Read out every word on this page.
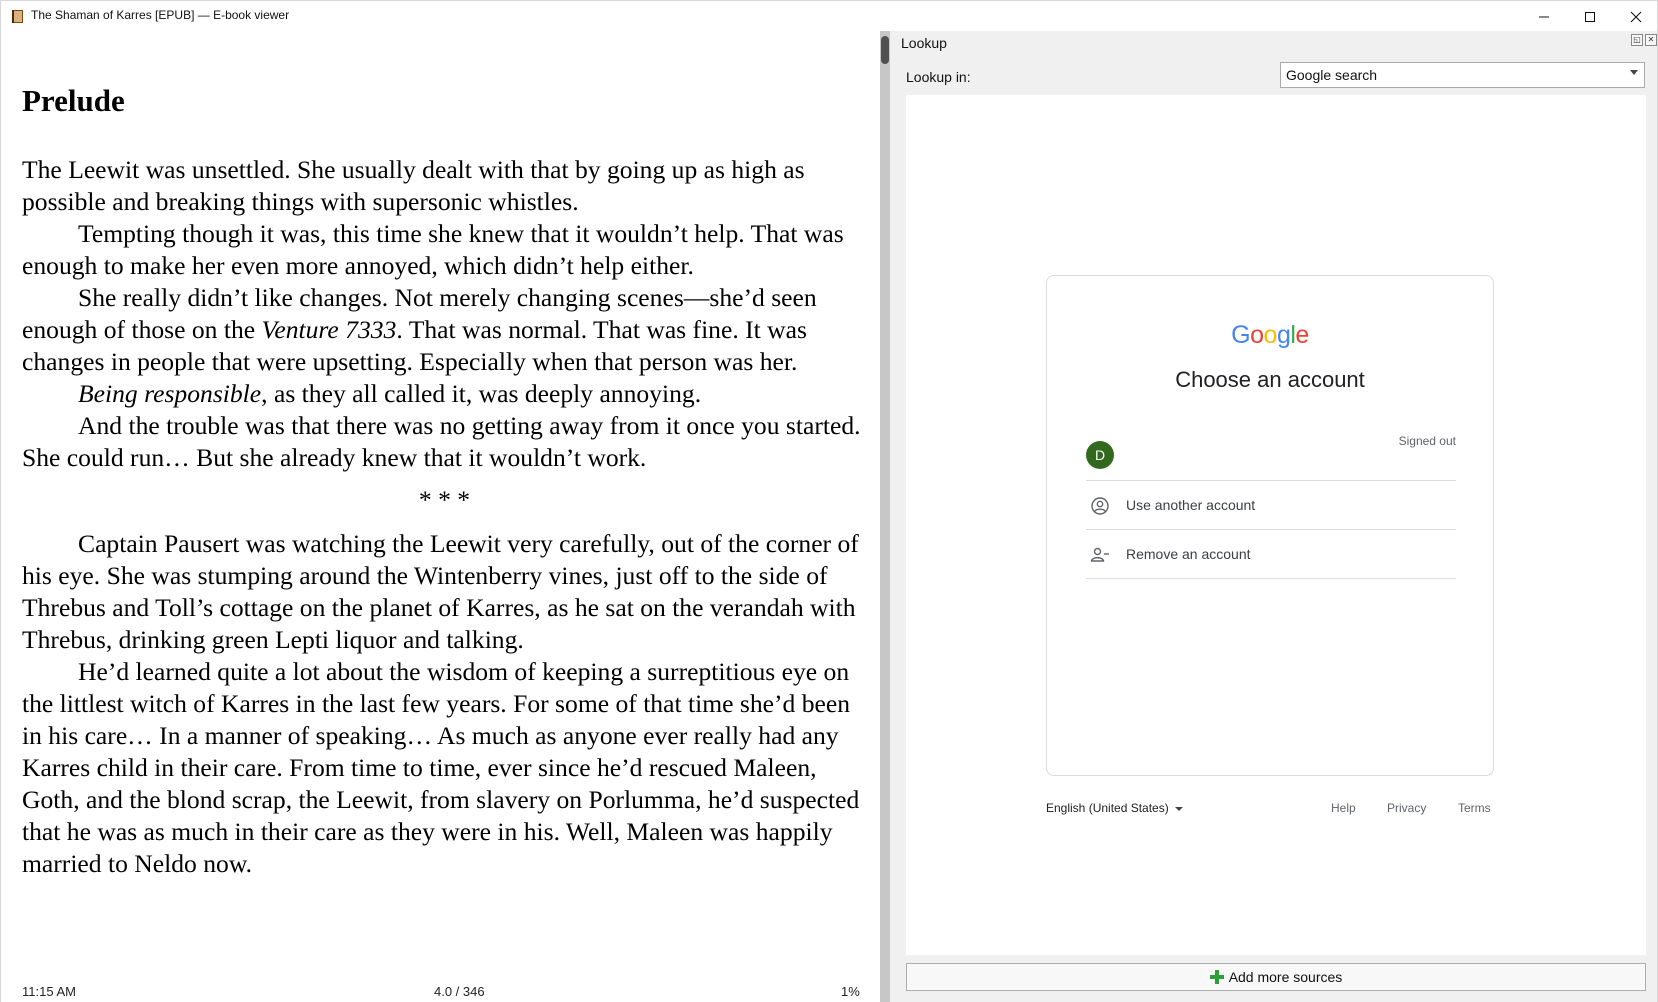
The Shaman of Karres [EPUB] — E-book viewer
Prelude

The Leewit was unsettled. She usually dealt with that by going up as high as possible and breaking things with supersonic whistles.

Tempting though it was, this time she knew that it wouldn’t help. That was enough to make her even more annoyed, which didn’t help either.

She really didn’t like changes. Not merely changing scenes—she’d seen enough of those on the Venture 7333. That was normal. That was fine. It was changes in people that were upsetting. Especially when that person was her.

Being responsible, as they all called it, was deeply annoying.

And the trouble was that there was no getting away from it once you started. She could run… But she already knew that it wouldn’t work.

* * *

Captain Pausert was watching the Leewit very carefully, out of the corner of his eye. She was stumping around the Wintenberry vines, just off to the side of Threbus and Toll’s cottage on the planet of Karres, as he sat on the verandah with Threbus, drinking green Lepti liquor and talking.

He’d learned quite a lot about the wisdom of keeping a surreptitious eye on the littlest witch of Karres in the last few years. For some of that time she’d been in his care… In a manner of speaking… As much as anyone ever really had any Karres child in their care. From time to time, ever since he’d rescued Maleen, Goth, and the blond scrap, the Leewit, from slavery on Porlumma, he’d suspected that he was as much in their care as they were in his. Well, Maleen was happily married to Neldo now.

11:15 AM	4.0 / 346	1%
Lookup	◱ ✕
Lookup in:	Google search
Google
Choose an account
D
Signed out
Use another account
Remove an account
English (United States)	Help	Privacy	Terms
Add more sources
